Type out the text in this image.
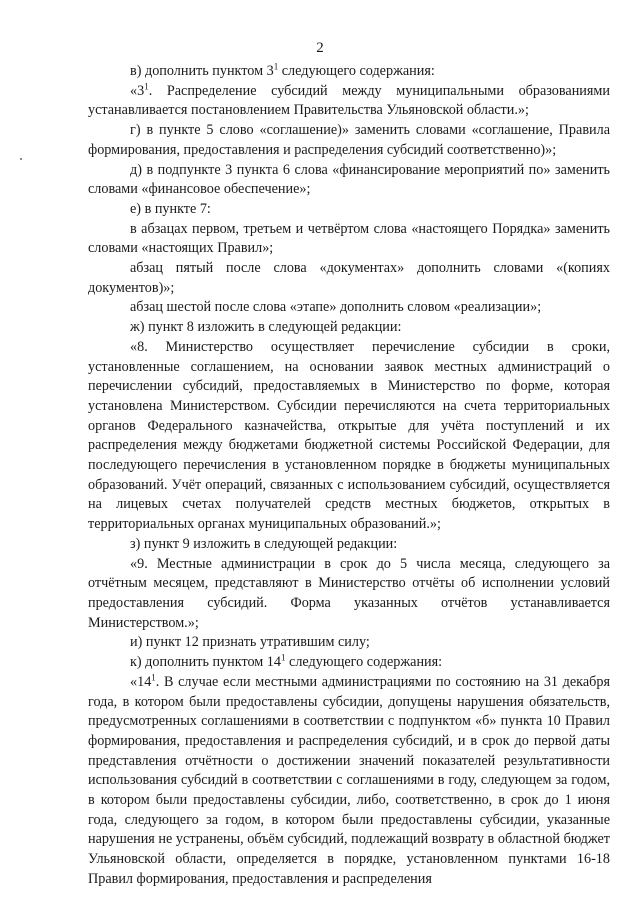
2

в) дополнить пунктом $3^1$ следующего содержания:

«$3^1$. Распределение субсидий между муниципальными образованиями устанавливается постановлением Правительства Ульяновской области.»;

г) в пункте 5 слово «соглашение)» заменить словами «соглашение, Правила формирования, предоставления и распределения субсидий соответственно)»;

д) в подпункте 3 пункта 6 слова «финансирование мероприятий по» заменить словами «финансовое обеспечение»;

е) в пункте 7:

в абзацах первом, третьем и четвёртом слова «настоящего Порядка» заменить словами «настоящих Правил»;

абзац пятый после слова «документах» дополнить словами «(копиях документов)»;

абзац шестой после слова «этапе» дополнить словом «реализации»;

ж) пункт 8 изложить в следующей редакции:

«8. Министерство осуществляет перечисление субсидии в сроки, установленные соглашением, на основании заявок местных администраций о перечислении субсидий, предоставляемых в Министерство по форме, которая установлена Министерством. Субсидии перечисляются на счета территориальных органов Федерального казначейства, открытые для учёта поступлений и их распределения между бюджетами бюджетной системы Российской Федерации, для последующего перечисления в установленном порядке в бюджеты муниципальных образований. Учёт операций, связанных с использованием субсидий, осуществляется на лицевых счетах получателей средств местных бюджетов, открытых в территориальных органах муниципальных образований.»;

з) пункт 9 изложить в следующей редакции:

«9. Местные администрации в срок до 5 числа месяца, следующего за отчётным месяцем, представляют в Министерство отчёты об исполнении условий предоставления субсидий. Форма указанных отчётов устанавливается Министерством.»;

и) пункт 12 признать утратившим силу;

к) дополнить пунктом $14^1$ следующего содержания:

«$14^1$. В случае если местными администрациями по состоянию на 31 декабря года, в котором были предоставлены субсидии, допущены нарушения обязательств, предусмотренных соглашениями в соответствии с подпунктом «б» пункта 10 Правил формирования, предоставления и распределения субсидий, и в срок до первой даты представления отчётности о достижении значений показателей результативности использования субсидий в соответствии с соглашениями в году, следующем за годом, в котором были предоставлены субсидии, либо, соответственно, в срок до 1 июня года, следующего за годом, в котором были предоставлены субсидии, указанные нарушения не устранены, объём субсидий, подлежащий возврату в областной бюджет Ульяновской области, определяется в порядке, установленном пунктами 16-18 Правил формирования, предоставления и распределения
